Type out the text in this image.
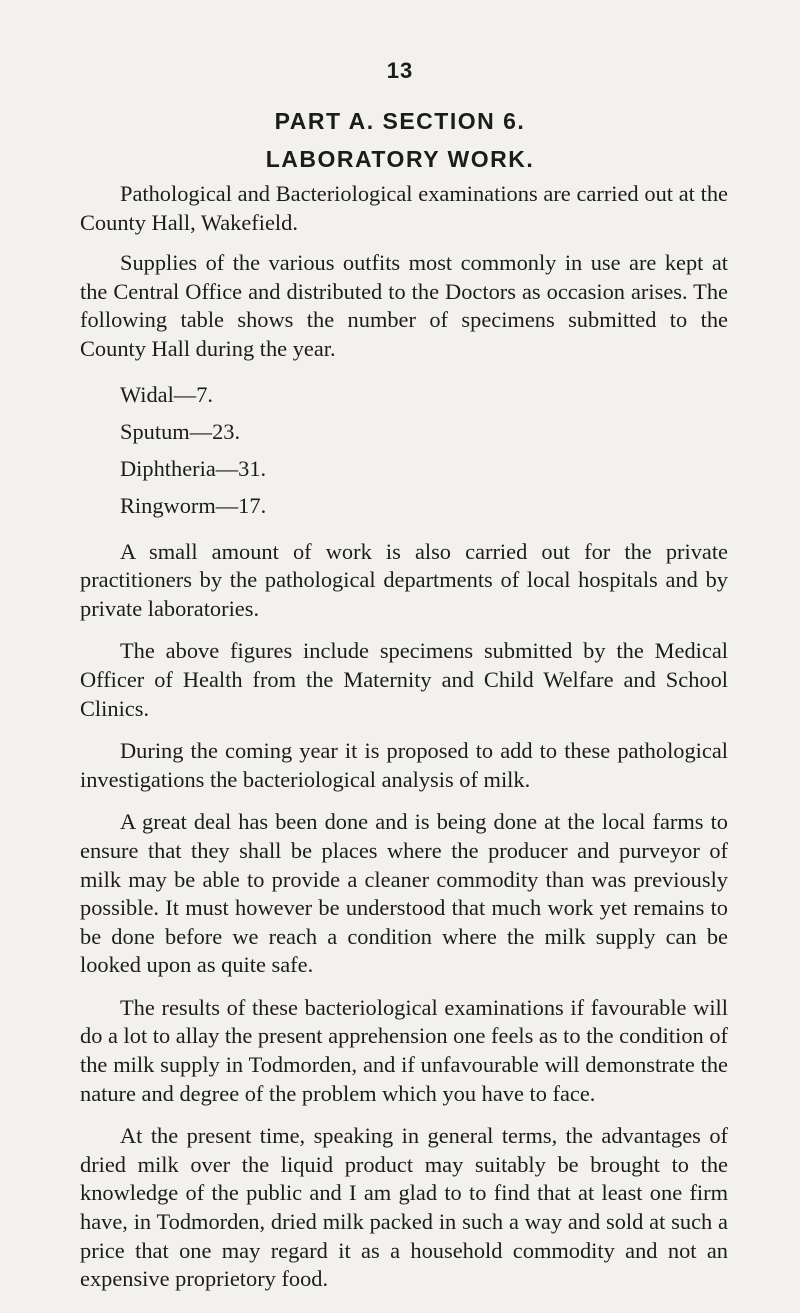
13
PART A. SECTION 6.
LABORATORY WORK.

Pathological and Bacteriological examinations are carried out at the County Hall, Wakefield.

Supplies of the various outfits most commonly in use are kept at the Central Office and distributed to the Doctors as occasion arises. The following table shows the number of specimens submitted to the County Hall during the year.

Widal—7.
Sputum—23.
Diphtheria—31.
Ringworm—17.

A small amount of work is also carried out for the private practitioners by the pathological departments of local hospitals and by private laboratories.

The above figures include specimens submitted by the Medical Officer of Health from the Maternity and Child Welfare and School Clinics.

During the coming year it is proposed to add to these pathological investigations the bacteriological analysis of milk.

A great deal has been done and is being done at the local farms to ensure that they shall be places where the producer and purveyor of milk may be able to provide a cleaner commodity than was previously possible. It must however be understood that much work yet remains to be done before we reach a condition where the milk supply can be looked upon as quite safe.

The results of these bacteriological examinations if favourable will do a lot to allay the present apprehension one feels as to the condition of the milk supply in Todmorden, and if unfavourable will demonstrate the nature and degree of the problem which you have to face.

At the present time, speaking in general terms, the advantages of dried milk over the liquid product may suitably be brought to the knowledge of the public and I am glad to to find that at least one firm have, in Todmorden, dried milk packed in such a way and sold at such a price that one may regard it as a household commodity and not an expensive proprietory food.
